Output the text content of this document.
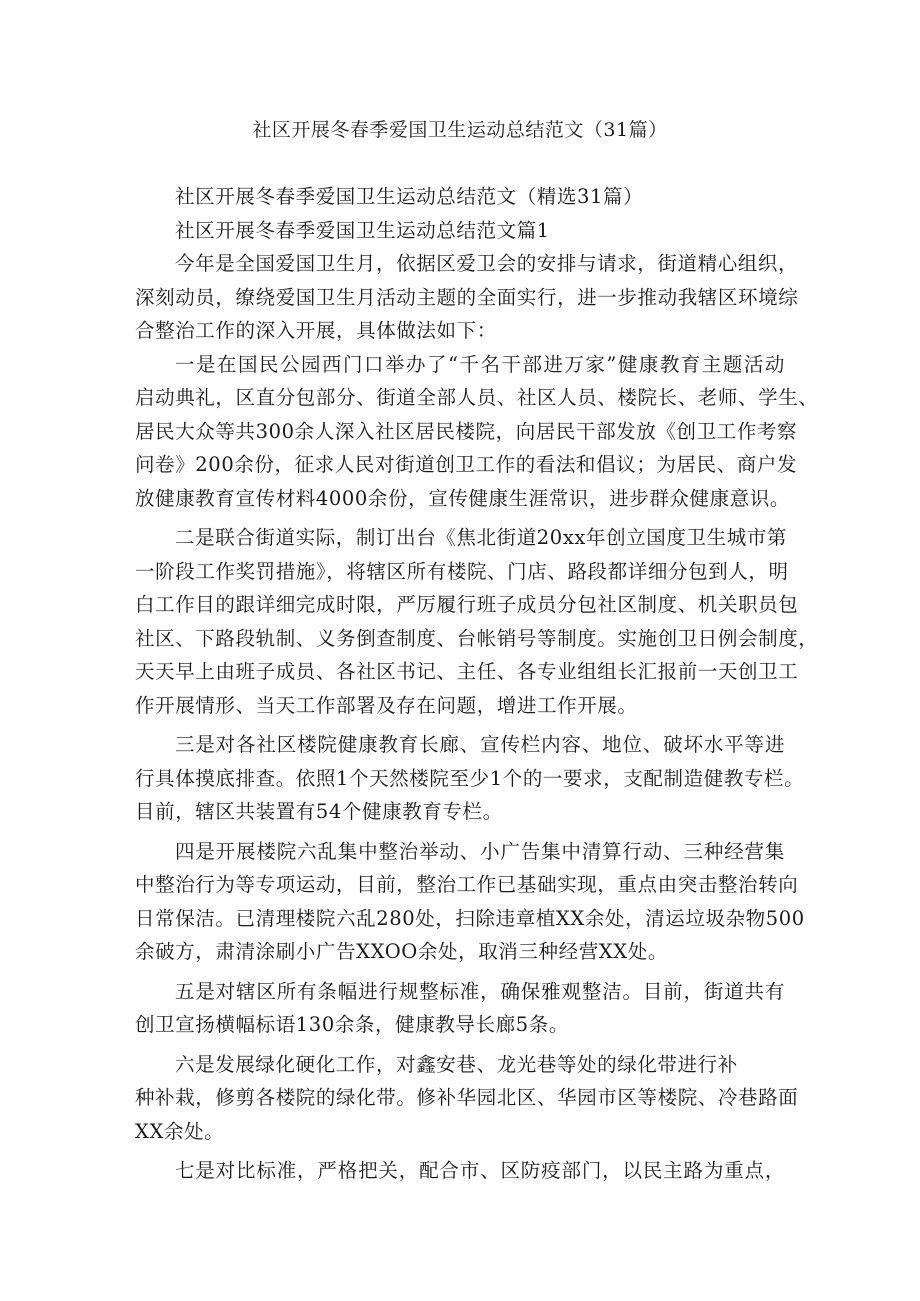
社区开展冬春季爱国卫生运动总结范文（31篇）
社区开展冬春季爱国卫生运动总结范文（精选31篇）
社区开展冬春季爱国卫生运动总结范文篇1
今年是全国爱国卫生月，依据区爱卫会的安排与请求，街道精心组织，
深刻动员，缭绕爱国卫生月活动主题的全面实行，进一步推动我辖区环境综
合整治工作的深入开展，具体做法如下：
一是在国民公园西门口举办了“千名干部进万家”健康教育主题活动
启动典礼，区直分包部分、街道全部人员、社区人员、楼院长、老师、学生、
居民大众等共300余人深入社区居民楼院，向居民干部发放《创卫工作考察
问卷》200余份，征求人民对街道创卫工作的看法和倡议；为居民、商户发
放健康教育宣传材料4000余份，宣传健康生涯常识，进步群众健康意识。
二是联合街道实际，制订出台《焦北街道20xx年创立国度卫生城市第
一阶段工作奖罚措施》，将辖区所有楼院、门店、路段都详细分包到人，明
白工作目的跟详细完成时限，严厉履行班子成员分包社区制度、机关职员包
社区、下路段轨制、义务倒查制度、台帐销号等制度。实施创卫日例会制度，
天天早上由班子成员、各社区书记、主任、各专业组组长汇报前一天创卫工
作开展情形、当天工作部署及存在问题，增进工作开展。
三是对各社区楼院健康教育长廊、宣传栏内容、地位、破坏水平等进
行具体摸底排查。依照1个天然楼院至少1个的一要求，支配制造健教专栏。
目前，辖区共装置有54个健康教育专栏。
四是开展楼院六乱集中整治举动、小广告集中清算行动、三种经营集
中整治行为等专项运动，目前，整治工作已基础实现，重点由突击整治转向
日常保洁。已清理楼院六乱280处，扫除违章植XX余处，清运垃圾杂物500
余破方，肃清涂刷小广告XXOO余处，取消三种经营XX处。
五是对辖区所有条幅进行规整标准，确保雅观整洁。目前，街道共有
创卫宣扬横幅标语130余条，健康教导长廊5条。
六是发展绿化硬化工作，对鑫安巷、龙光巷等处的绿化带进行补
种补栽，修剪各楼院的绿化带。修补华园北区、华园市区等楼院、冷巷路面
XX余处。
七是对比标准，严格把关，配合市、区防疫部门，以民主路为重点，
